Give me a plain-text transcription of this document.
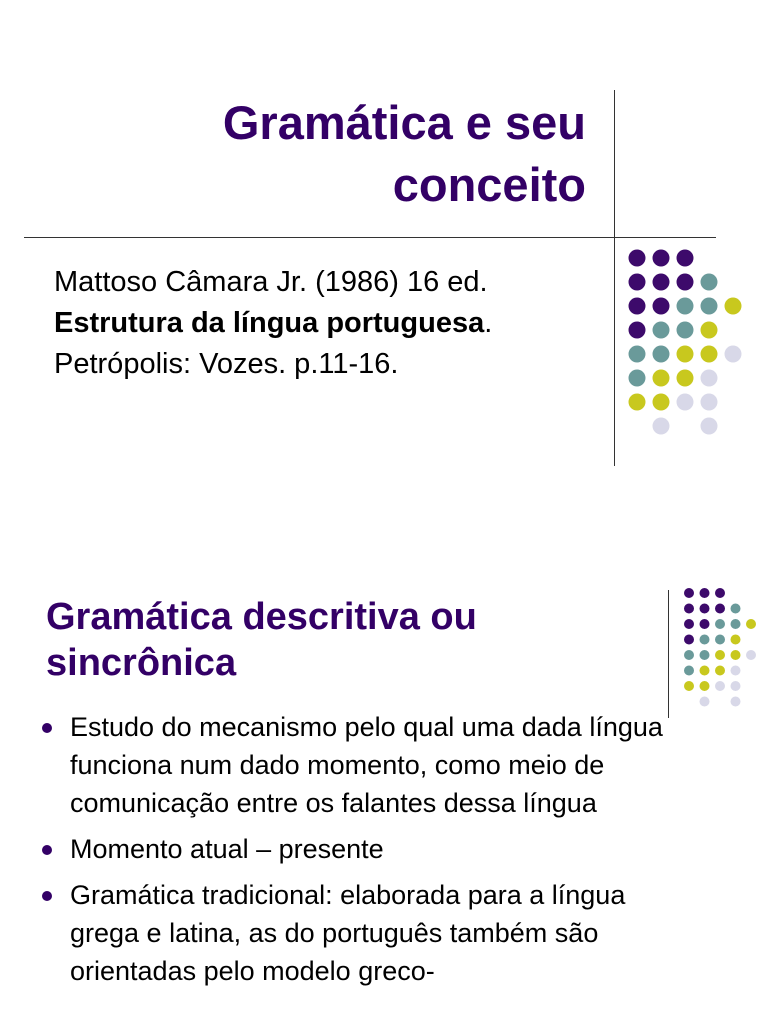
Gramática e seu
conceito
Mattoso Câmara Jr. (1986) 16 ed.
Estrutura da língua portuguesa.
Petrópolis: Vozes. p.11-16.
Gramática descritiva ou
sincrônica
Estudo do mecanismo pelo qual uma dada língua funciona num dado momento, como meio de comunicação entre os falantes dessa língua
Momento atual – presente
Gramática tradicional: elaborada para a língua grega e latina, as do português também são orientadas pelo modelo greco-
